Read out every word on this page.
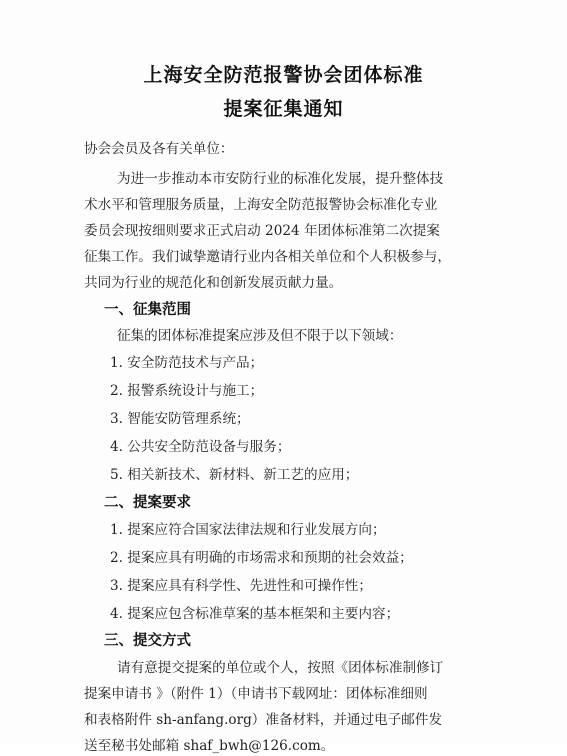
上海安全防范报警协会团体标准
提案征集通知
协会会员及各有关单位：
为进一步推动本市安防行业的标准化发展，提升整体技
术水平和管理服务质量，上海安全防范报警协会标准化专业
委员会现按细则要求正式启动 2024 年团体标准第二次提案
征集工作。我们诚挚邀请行业内各相关单位和个人积极参与，
共同为行业的规范化和创新发展贡献力量。
一、征集范围
征集的团体标准提案应涉及但不限于以下领域：
1. 安全防范技术与产品；
2. 报警系统设计与施工；
3. 智能安防管理系统；
4. 公共安全防范设备与服务；
5. 相关新技术、新材料、新工艺的应用；
二、提案要求
1. 提案应符合国家法律法规和行业发展方向；
2. 提案应具有明确的市场需求和预期的社会效益；
3. 提案应具有科学性、先进性和可操作性；
4. 提案应包含标准草案的基本框架和主要内容；
三、提交方式
请有意提交提案的单位或个人，按照《团体标准制修订
提案申请书 》（附件 1）（申请书下载网址：团体标准细则
和表格附件 sh-anfang.org）准备材料，并通过电子邮件发
送至秘书处邮箱 shaf_bwh@126.com。
